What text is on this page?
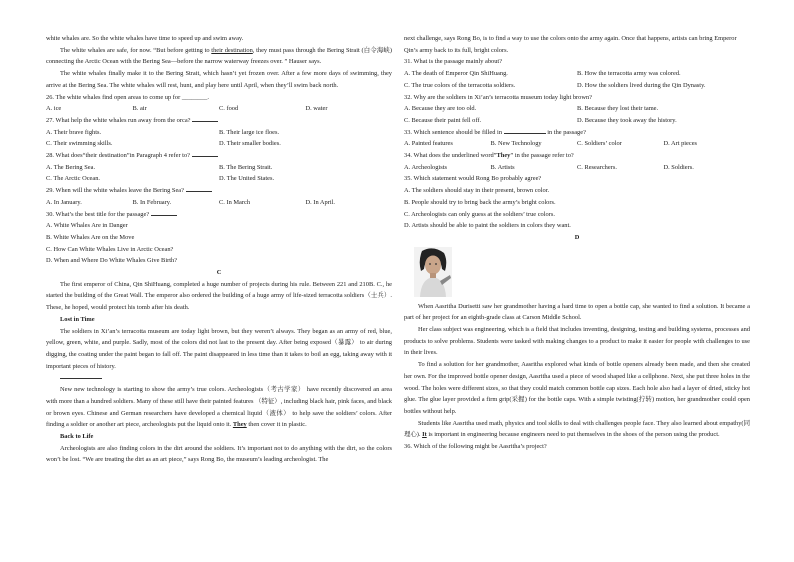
white whales are. So the white whales have time to speed up and swim away.

The white whales are safe, for now. “But before getting to their destination, they must pass through the Bering Strait (白令海峡) connecting the Arctic Ocean with the Bering Sea—before the narrow waterway freezes over. ” Hauser says.

The white whales finally make it to the Bering Strait, which hasn’t yet frozen over. After a few more days of swimming, they arrive at the Bering Sea. The white whales will rest, hunt, and play here until April, when they’ll swim back north.

26. The white whales find open areas to come up for ________.

A. ice	B. air	C. food	D. water

27. What help the white whales run away from the orca?

A. Their brave fights.	B. Their large ice floes.
C. Their swimming skills.	D. Their smaller bodies.

28. What does“their destination”in Paragraph 4 refer to?

A. The Bering Sea.	B. The Bering Strait.
C. The Arctic Ocean.	D. The United States.

29. When will the white whales leave the Bering Sea?

A. In January.	B. In February.	C. In March	D. In April.

30. What’s the best title for the passage?

A. White Whales Are in Danger

B. White Whales Are on the Move

C. How Can White Whales Live in Arctic Ocean?

D. When and Where Do White Whales Give Birth?

C

The first emperor of China, Qin ShiHuang, completed a huge number of projects during his rule. Between 221 and 210B. C., he started the building of the Great Wall. The emperor also ordered the building of a huge army of life-sized terracotta soldiers（士兵）. These, he hoped, would protect his tomb after his death.

Lost in Time

The soldiers in Xi’an’s terracotta museum are today light brown, but they weren’t always. They began as an army of red, blue, yellow, green, white, and purple. Sadly, most of the colors did not last to the present day. After being exposed（暴露） to air during digging, the coating under the paint began to fall off. The paint disappeared in less time than it takes to boil an egg, taking away with it important pieces of history.

New new technology is starting to show the army’s true colors. Archeologists（考古学家） have recently discovered an area with more than a hundred soldiers. Many of these still have their painted features （特征）, including black hair, pink faces, and black or brown eyes. Chinese and German researchers have developed a chemical liquid（液体） to help save the soldiers’ colors. After finding a soldier or another art piece, archeologists put the liquid onto it. They then cover it in plastic.

Back to Life

Archeologists are also finding colors in the dirt around the soldiers. It’s important not to do anything with the dirt, so the colors won’t be lost. “We are treating the dirt as an art piece,” says Rong Bo, the museum’s leading archeologist. The

next challenge, says Rong Bo, is to find a way to use the colors onto the army again. Once that happens, artists can bring Emperor Qin’s army back to its full, bright colors.

31. What is the passage mainly about?

A. The death of Emperor Qin ShiHuang.	B. How the terracotta army was colored.
C. The true colors of the terracotta soldiers.	D. How the soldiers lived during the Qin Dynasty.

32. Why are the soldiers in Xi’an’s terracotta museum today light brown?

A. Because they are too old.	B. Because they lost their tame.
C. Because their paint fell off.	D. Because they took away the history.

33. Which sentence should be filled in	in the passage?

A. Painted features	B. New Technology	C. Soldiers’ color	D. Art pieces

34. What does the underlined word”They” in the passage refer to?

A. Archeologists	B. Artists	C. Researchers.	D. Soldiers.

35. Which statement would Rong Bo probably agree?

A. The soldiers should stay in their present, brown color.

B. People should try to bring back the army’s bright colors.

C. Archeologists can only guess at the soldiers’ true colors.

D. Artists should be able to paint the soldiers in colors they want.

D

When Aasritha Durisetti saw her grandmother having a hard time to open a bottle cap, she wanted to find a solution. It became a part of her project for an eighth-grade class at Carson Middle School.

Her class subject was engineering, which is a field that includes inventing, designing, testing and building systems, processes and products to solve problems. Students were tasked with making changes to a product to make it easier for people with challenges to use in their lives.

To find a solution for her grandmother, Aasritha explored what kinds of bottle openers already been made, and then she created her own. For the improved bottle opener design, Aasritha used a piece of wood shaped like a cellphone. Next, she put three holes in the wood. The holes were different sizes, so that they could match common bottle cap sizes. Each hole also had a layer of dried, sticky hot glue. The glue layer provided a firm grip(采握) for the bottle caps. With a simple twisting(拧转) motion, her grandmother could open bottles without help.

Students like Aasritha used math, physics and tool skills to deal with challenges people face. They also learned about empathy(同理心). It is important in engineering because engineers need to put themselves in the shoes of the person using the product.

36. Which of the following might be Aasritha’s project?
